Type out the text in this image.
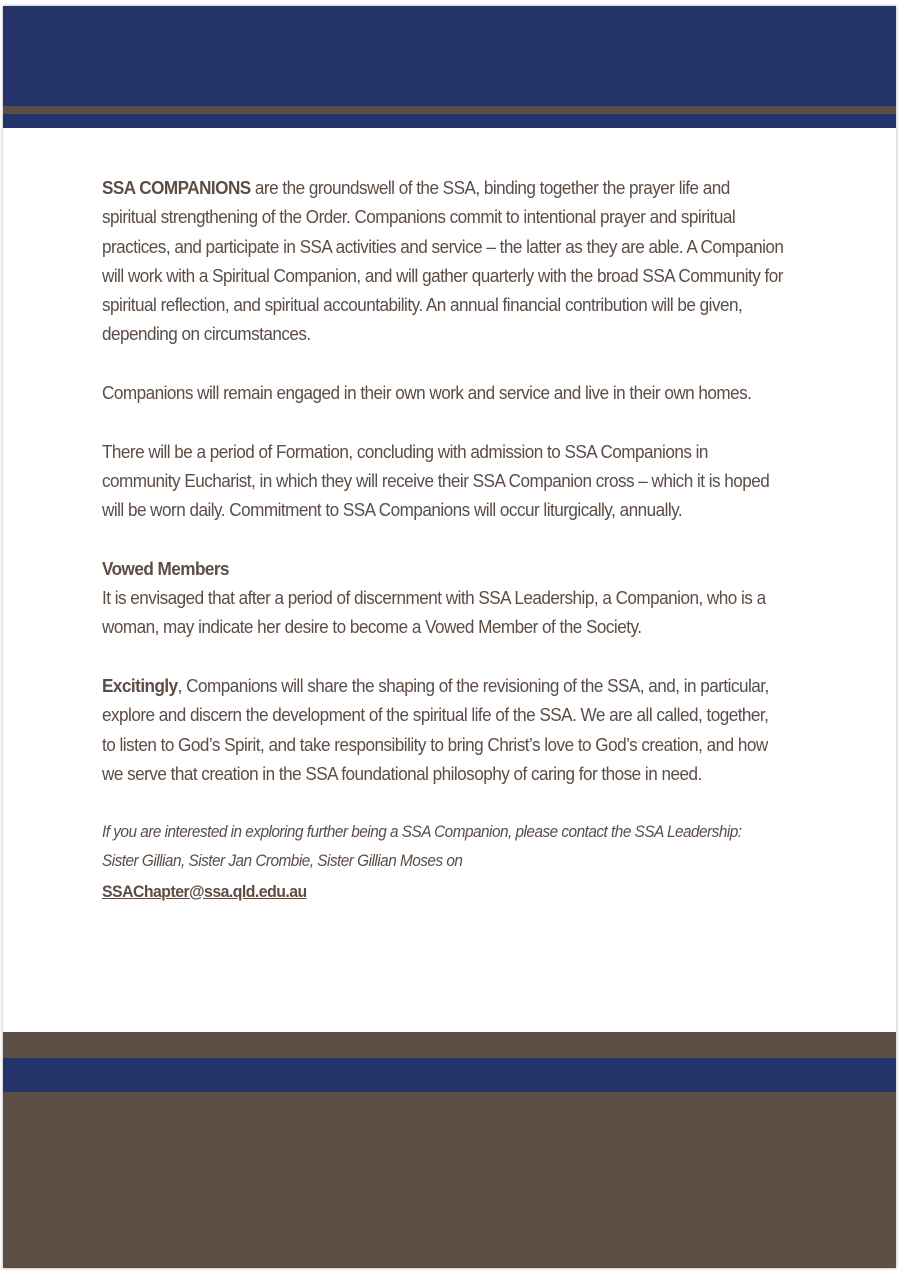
SSA COMPANIONS are the groundswell of the SSA, binding together the prayer life and spiritual strengthening of the Order. Companions commit to intentional prayer and spiritual practices, and participate in SSA activities and service – the latter as they are able. A Companion will work with a Spiritual Companion, and will gather quarterly with the broad SSA Community for spiritual reflection, and spiritual accountability. An annual financial contribution will be given, depending on circumstances.

Companions will remain engaged in their own work and service and live in their own homes.

There will be a period of Formation, concluding with admission to SSA Companions in community Eucharist, in which they will receive their SSA Companion cross – which it is hoped will be worn daily. Commitment to SSA Companions will occur liturgically, annually.

Vowed Members
It is envisaged that after a period of discernment with SSA Leadership, a Companion, who is a woman, may indicate her desire to become a Vowed Member of the Society.

Excitingly, Companions will share the shaping of the revisioning of the SSA, and, in particular, explore and discern the development of the spiritual life of the SSA. We are all called, together, to listen to God’s Spirit, and take responsibility to bring Christ’s love to God’s creation, and how we serve that creation in the SSA foundational philosophy of caring for those in need.

If you are interested in exploring further being a SSA Companion, please contact the SSA Leadership:

Sister Gillian, Sister Jan Crombie, Sister Gillian Moses on

SSAChapter@ssa.qld.edu.au
